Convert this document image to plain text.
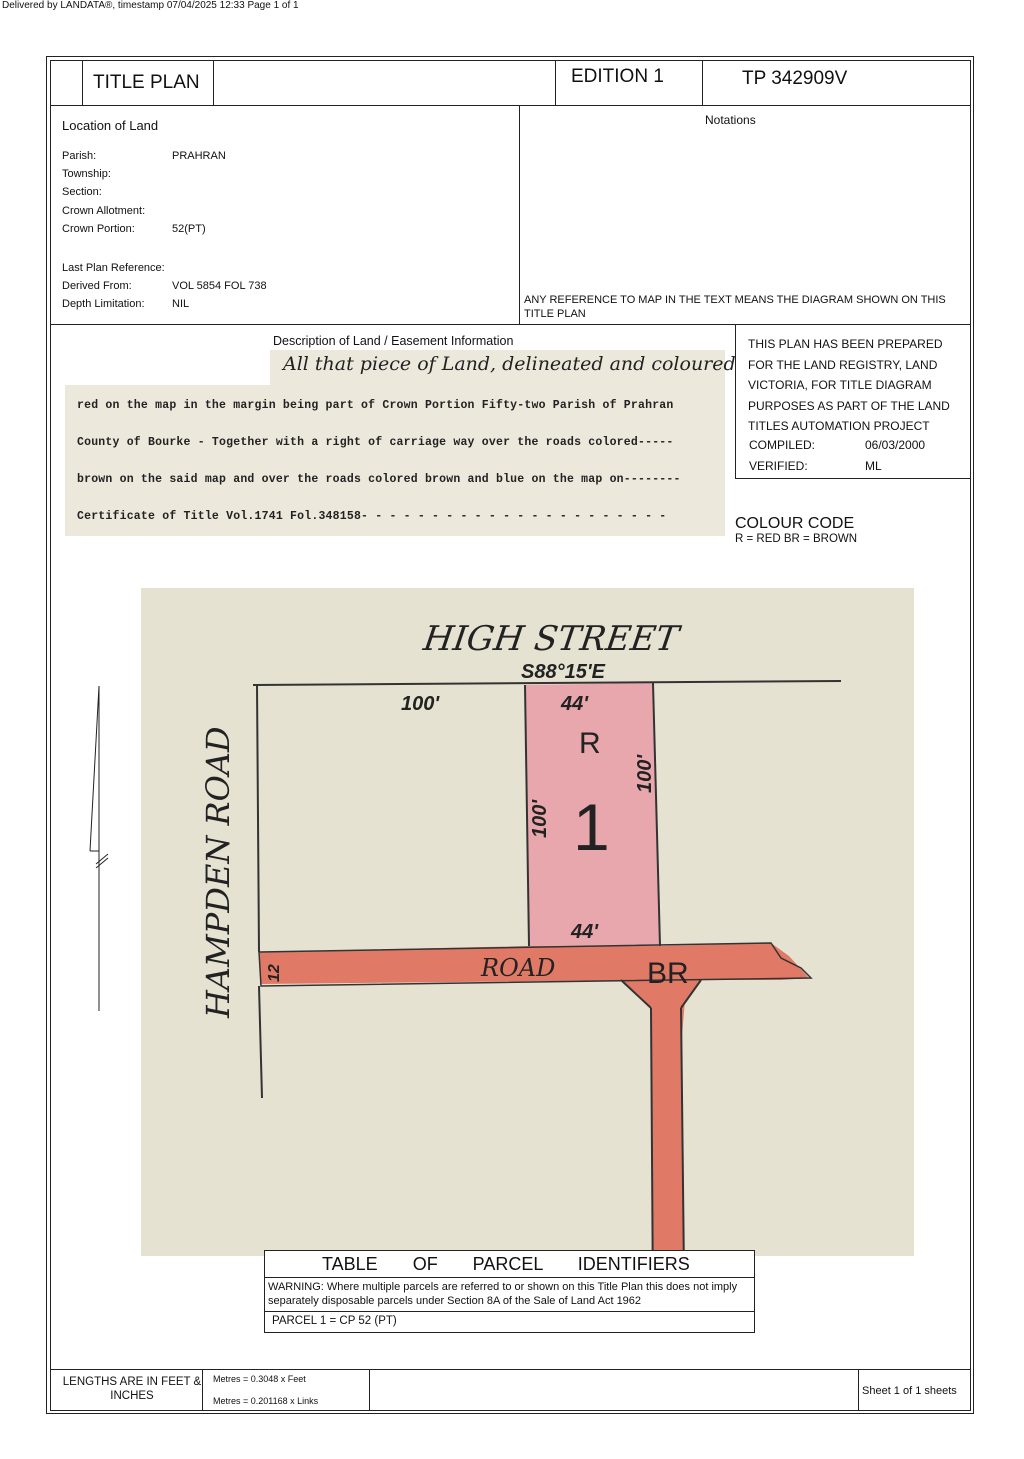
Delivered by LANDATA®, timestamp 07/04/2025 12:33 Page 1 of 1
TITLE PLAN	EDITION 1	TP 342909V
Location of Land
Parish:	PRAHRAN
Township:
Section:
Crown Allotment:
Crown Portion:	52(PT)
Last Plan Reference:
Derived From:	VOL 5854 FOL 738
Depth Limitation: NIL
Notations
ANY REFERENCE TO MAP IN THE TEXT MEANS THE DIAGRAM SHOWN ON THIS TITLE PLAN
Description of Land / Easement Information
All that piece of Land, delineated and coloured
red on the map in the margin being part of Crown Portion Fifty-two Parish of Prahran
County of Bourke - Together with a right of carriage way over the roads colored-----
brown on the said map and over the roads colored brown and blue on the map on--------
Certificate of Title Vol.1741 Fol.348158- - - - - - - - - - - - - - - - - - - - - -
THIS PLAN HAS BEEN PREPARED
FOR THE LAND REGISTRY, LAND
VICTORIA, FOR TITLE DIAGRAM
PURPOSES AS PART OF THE LAND
TITLES AUTOMATION PROJECT
COMPILED:	06/03/2000
VERIFIED:	ML
COLOUR CODE
R = RED BR = BROWN
HIGH STREET
S88°15'E
100'	44'
44'
100'
100'
12
HAMPDEN ROAD	ROAD
R
1
BR
TABLE OF PARCEL IDENTIFIERS
WARNING: Where multiple parcels are referred to or shown on this Title Plan this does not imply separately disposable parcels under Section 8A of the Sale of Land Act 1962
PARCEL 1 = CP 52 (PT)
LENGTHS ARE IN FEET & INCHES
Metres = 0.3048 x Feet
Metres = 0.201168 x Links
Sheet 1 of 1 sheets
